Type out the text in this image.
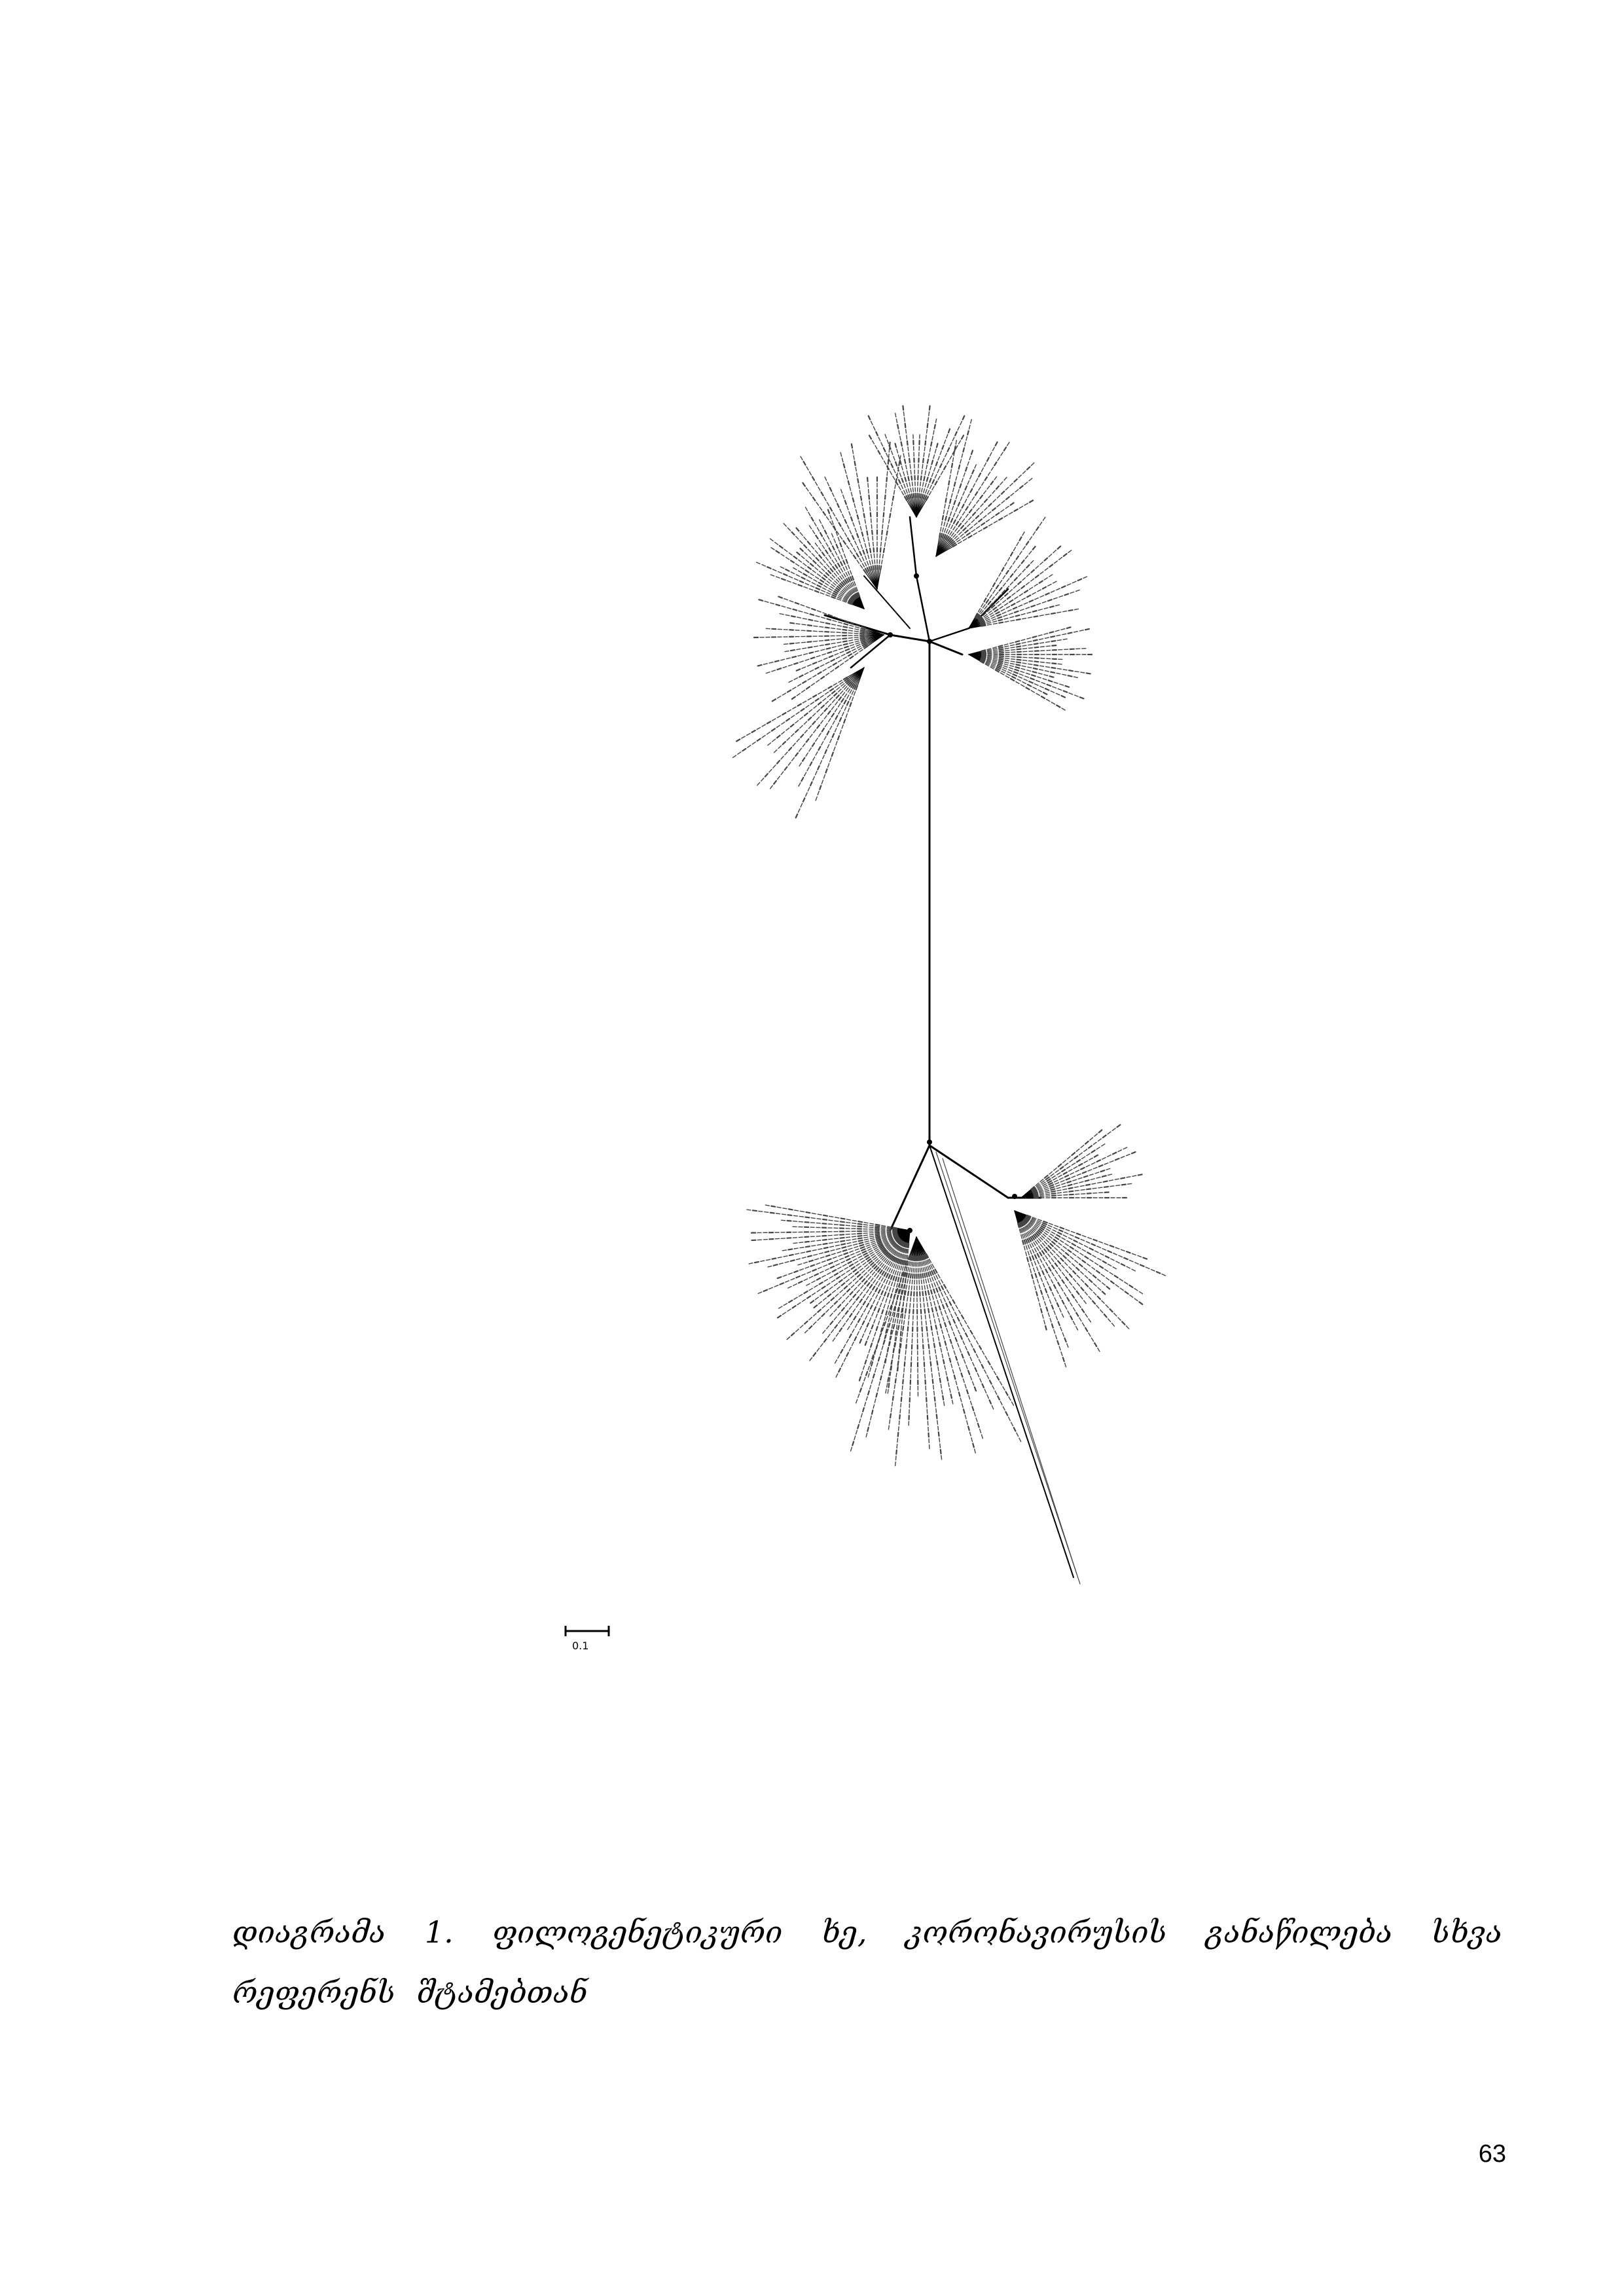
0.1

დიაგრამა 1. ფილოგენეტიკური ხე, კორონავირუსის განაწილება სხვა რეფერენს შტამებთან

63
